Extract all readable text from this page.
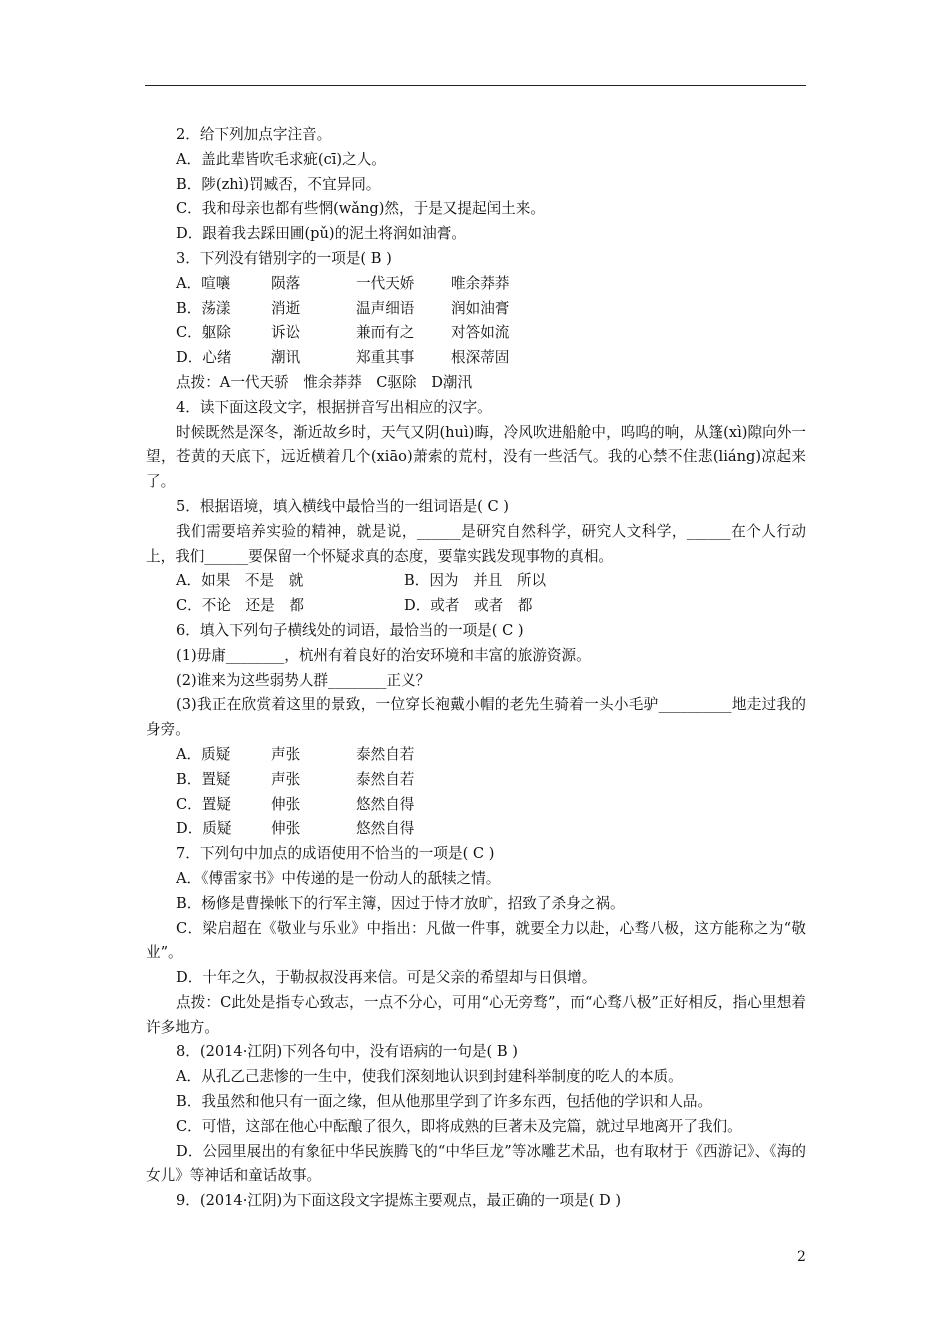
2．给下列加点字注音。
A．盖此辈皆吹毛求疵(cī)之人。
B．陟(zhì)罚臧否，不宜异同。
C．我和母亲也都有些惘(wǎng)然，于是又提起闰土来。
D．跟着我去踩田圃(pǔ)的泥土将润如油膏。
3．下列没有错别字的一项是( B )
A．喧嚷	陨落	一代天娇	唯余莽莽
B．荡漾	消逝	温声细语	润如油膏
C．躯除	诉讼	兼而有之	对答如流
D．心绪	潮讯	郑重其事	根深蒂固
点拨：A一代天骄　惟余莽莽　C驱除　D潮汛
4．读下面这段文字，根据拼音写出相应的汉字。
时候既然是深冬，渐近故乡时，天气又阴(huì)晦，冷风吹进船舱中，呜呜的响，从篷(xì)隙向外一望，苍黄的天底下，远近横着几个(xiāo)萧索的荒村，没有一些活气。我的心禁不住悲(liáng)凉起来了。
5．根据语境，填入横线中最恰当的一组词语是( C )
我们需要培养实验的精神，就是说，______是研究自然科学，研究人文科学，______在个人行动上，我们______要保留一个怀疑求真的态度，要靠实践发现事物的真相。
A．如果　不是　就	B．因为　并且　所以
C．不论　还是　都	D．或者　或者　都
6．填入下列句子横线处的词语，最恰当的一项是( C )
(1)毋庸________，杭州有着良好的治安环境和丰富的旅游资源。
(2)谁来为这些弱势人群________正义？
(3)我正在欣赏着这里的景致，一位穿长袍戴小帽的老先生骑着一头小毛驴__________地走过我的身旁。
A．质疑	声张	泰然自若
B．置疑	声张	泰然自若
C．置疑	伸张	悠然自得
D．质疑	伸张	悠然自得
7．下列句中加点的成语使用不恰当的一项是( C )
A．《傅雷家书》中传递的是一份动人的舐犊之情。
B．杨修是曹操帐下的行军主簿，因过于恃才放旷，招致了杀身之祸。
C．梁启超在《敬业与乐业》中指出：凡做一件事，就要全力以赴，心骛八极，这方能称之为“敬业”。
D．十年之久，于勒叔叔没再来信。可是父亲的希望却与日俱增。
点拨：C此处是指专心致志，一点不分心，可用“心无旁骛”，而“心骛八极”正好相反，指心里想着许多地方。
8．(2014·江阴)下列各句中，没有语病的一句是( B )
A．从孔乙己悲惨的一生中，使我们深刻地认识到封建科举制度的吃人的本质。
B．我虽然和他只有一面之缘，但从他那里学到了许多东西，包括他的学识和人品。
C．可惜，这部在他心中酝酿了很久，即将成熟的巨著未及完篇，就过早地离开了我们。
D．公园里展出的有象征中华民族腾飞的“中华巨龙”等冰雕艺术品，也有取材于《西游记》、《海的女儿》等神话和童话故事。
9．(2014·江阴)为下面这段文字提炼主要观点，最正确的一项是( D )
2
